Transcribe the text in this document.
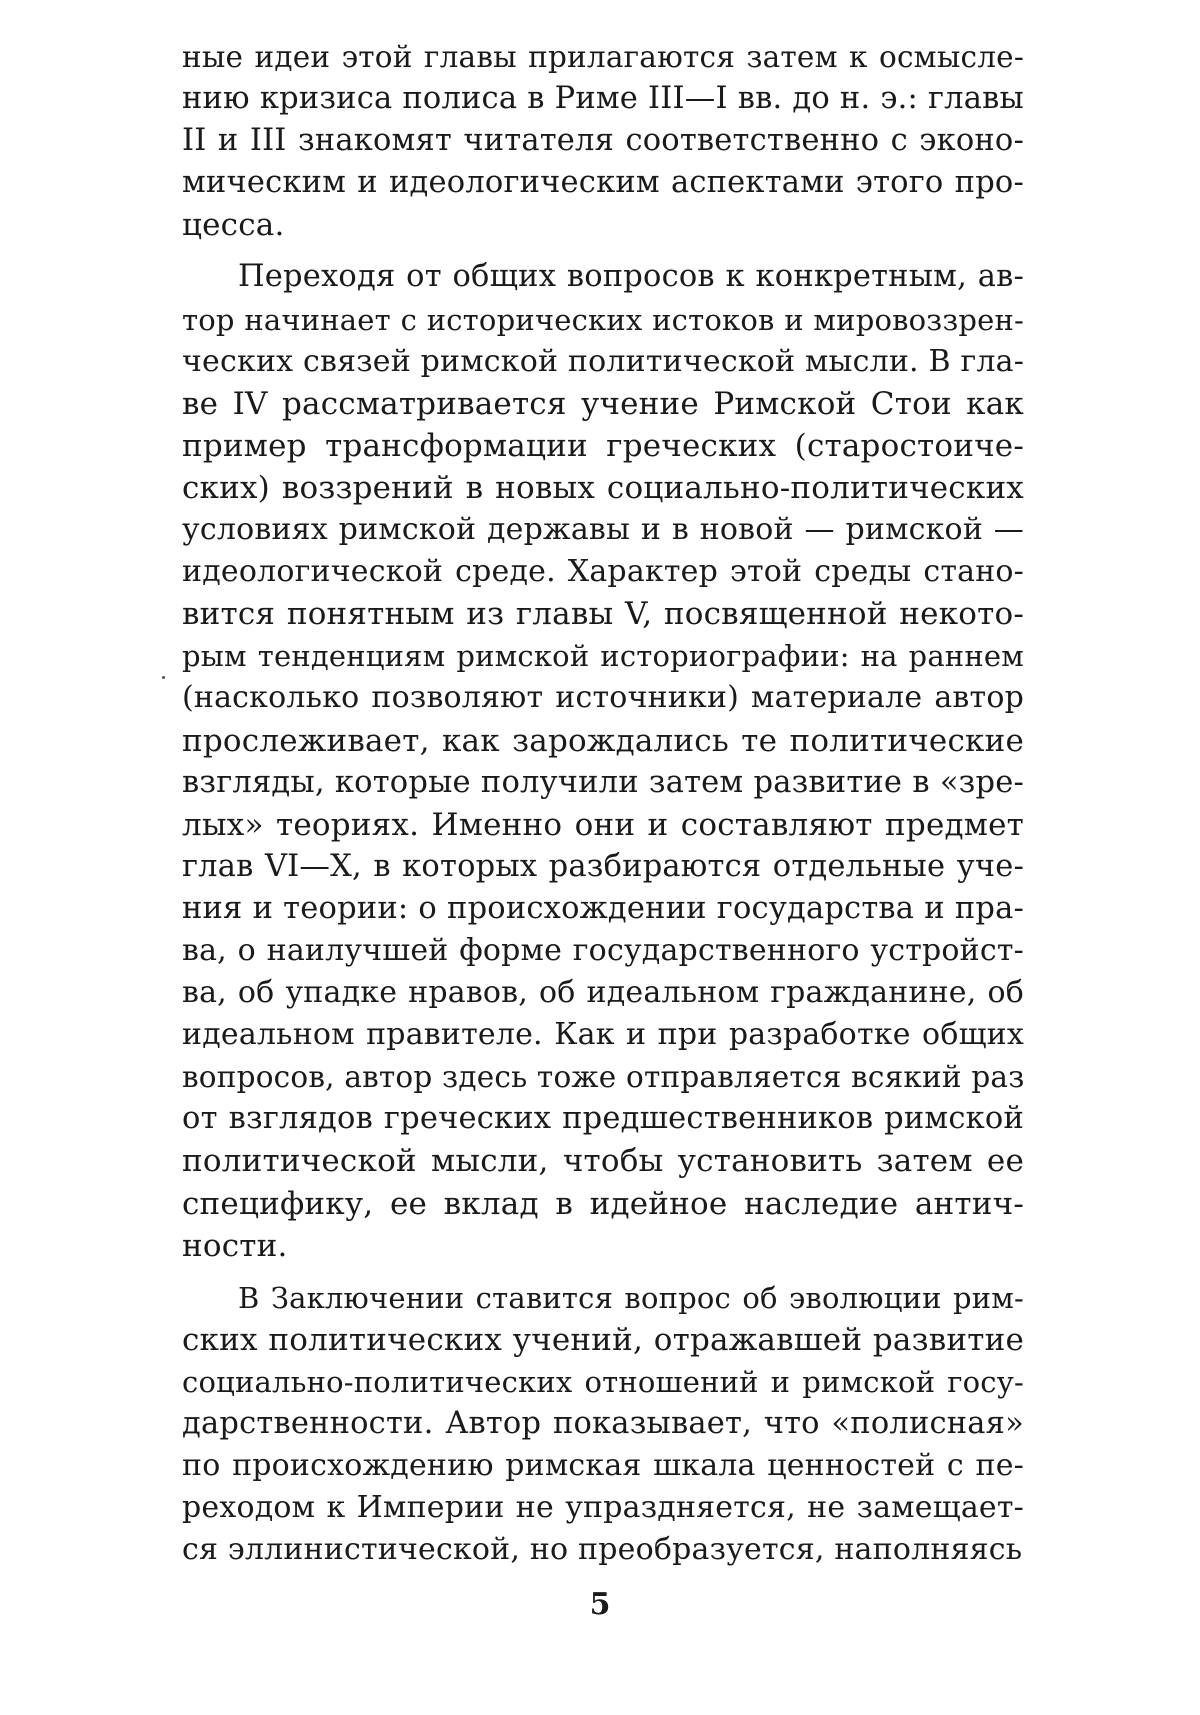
ные идеи этой главы прилагаются затем к осмысле-
нию кризиса полиса в Риме III—I вв. до н. э.: главы
II и III знакомят читателя соответственно с эконо-
мическим и идеологическим аспектами этого про-
цесса.
Переходя от общих вопросов к конкретным, ав-
тор начинает с исторических истоков и мировоззрен-
ческих связей римской политической мысли. В гла-
ве IV рассматривается учение Римской Стои как
пример трансформации греческих (старостоиче-
ских) воззрений в новых социально-политических
условиях римской державы и в новой — римской —
идеологической среде. Характер этой среды стано-
вится понятным из главы V, посвященной некото-
рым тенденциям римской историографии: на раннем
(насколько позволяют источники) материале автор
прослеживает, как зарождались те политические
взгляды, которые получили затем развитие в «зре-
лых» теориях. Именно они и составляют предмет
глав VI—X, в которых разбираются отдельные уче-
ния и теории: о происхождении государства и пра-
ва, о наилучшей форме государственного устройст-
ва, об упадке нравов, об идеальном гражданине, об
идеальном правителе. Как и при разработке общих
вопросов, автор здесь тоже отправляется всякий раз
от взглядов греческих предшественников римской
политической мысли, чтобы установить затем ее
специфику, ее вклад в идейное наследие антич-
ности.
В Заключении ставится вопрос об эволюции рим-
ских политических учений, отражавшей развитие
социально-политических отношений и римской госу-
дарственности. Автор показывает, что «полисная»
по происхождению римская шкала ценностей с пе-
реходом к Империи не упраздняется, не замещает-
ся эллинистической, но преобразуется, наполняясь
5
